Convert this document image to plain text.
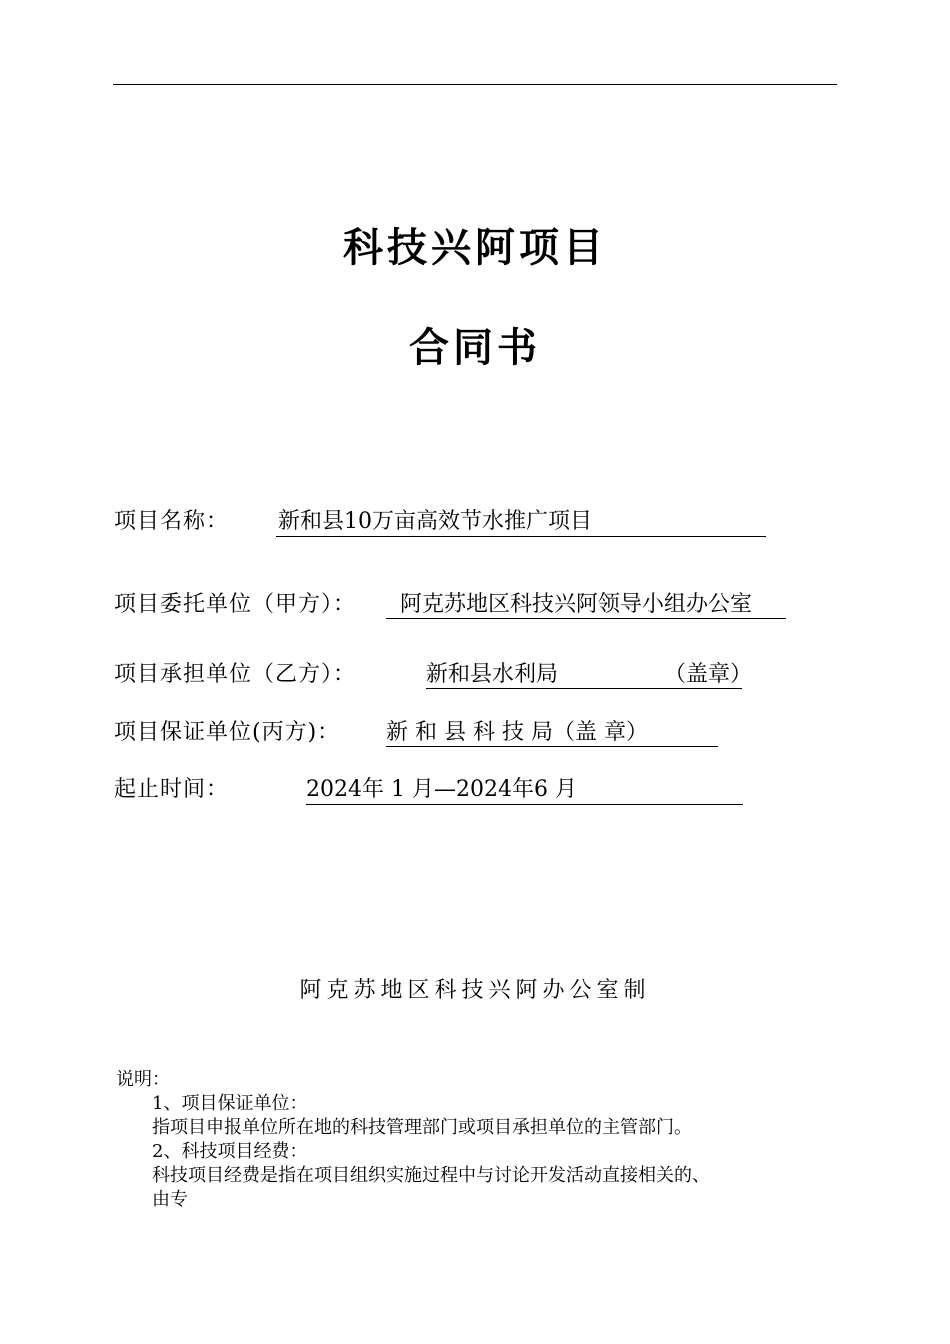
科技兴阿项目
合同书
项目名称： 新和县10万亩高效节水推广项目
项目委托单位（甲方）： 阿克苏地区科技兴阿领导小组办公室
项目承担单位（乙方）：	新和县水利局	（盖章）
项目保证单位(丙方)： 新 和 县 科 技 局（盖 章）
起止时间：	2024年 1 月—2024年6 月
阿克苏地区科技兴阿办公室制
说明：
1、项目保证单位：
指项目申报单位所在地的科技管理部门或项目承担单位的主管部门。
2、科技项目经费：
科技项目经费是指在项目组织实施过程中与讨论开发活动直接相关的、
由专
